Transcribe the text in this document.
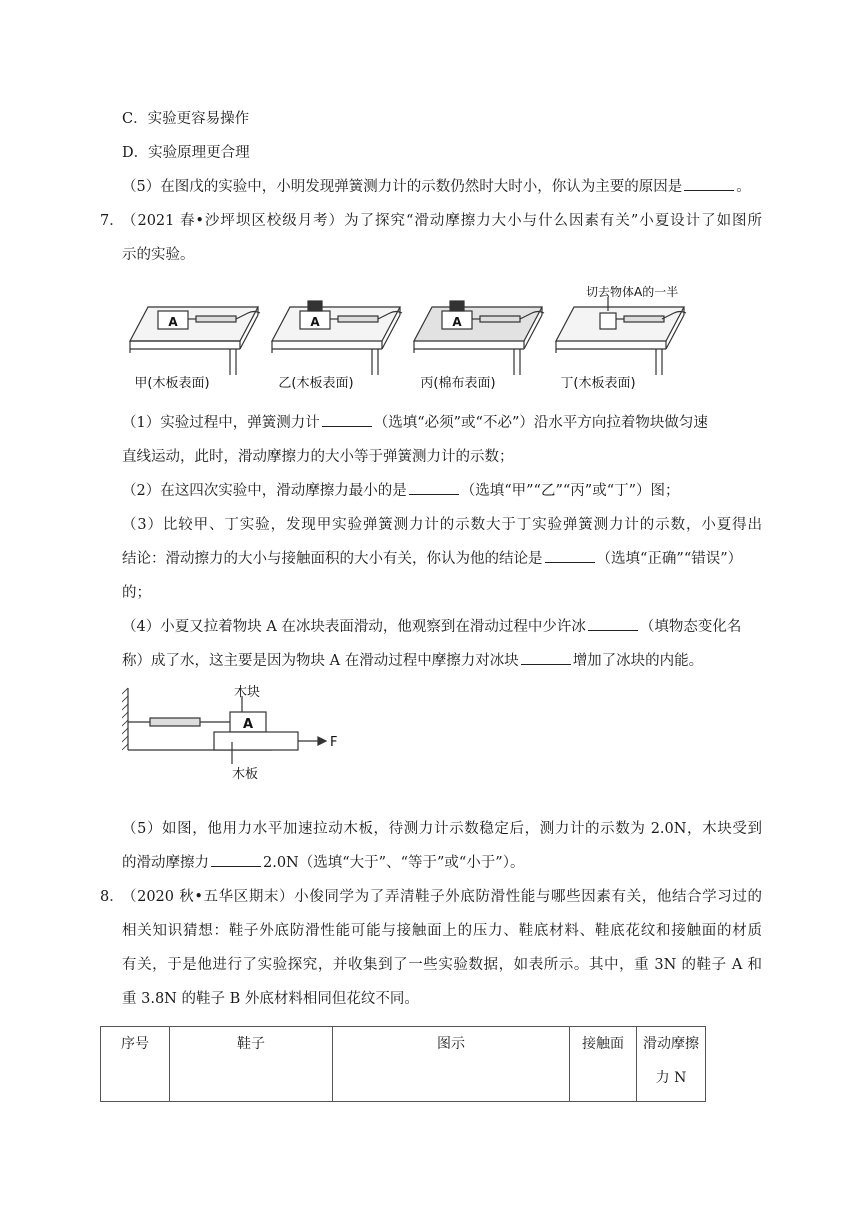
C．实验更容易操作
D．实验原理更合理
（5）在图戊的实验中，小明发现弹簧测力计的示数仍然时大时小，你认为主要的原因是	。
7．
（2021 春•沙坪坝区校级月考）为了探究“滑动摩擦力大小与什么因素有关”小夏设计了如图所
示的实验。
A	A	A
切去物体A的一半
甲(木板表面)	乙(木板表面)	丙(棉布表面)	丁(木板表面)
（1）实验过程中，弹簧测力计	（选填“必须”或“不必”）沿水平方向拉着物块做匀速
直线运动，此时，滑动摩擦力的大小等于弹簧测力计的示数；
（2）在这四次实验中，滑动摩擦力最小的是	（选填“甲”“乙”“丙”或“丁”）图；
（3）比较甲、丁实验，发现甲实验弹簧测力计的示数大于丁实验弹簧测力计的示数，小夏得出
结论：滑动擦力的大小与接触面积的大小有关，你认为他的结论是	（选填“正确”“错误”）
的；
（4）小夏又拉着物块 A 在冰块表面滑动，他观察到在滑动过程中少许冰	（填物态变化名
称）成了水，这主要是因为物块 A 在滑动过程中摩擦力对冰块	增加了冰块的内能。
A
木块
木板
F
（5）如图，他用力水平加速拉动木板，待测力计示数稳定后，测力计的示数为 2.0N，木块受到
的滑动摩擦力	2.0N（选填“大于”、“等于”或“小于”）。
8．
（2020 秋•五华区期末）小俊同学为了弄清鞋子外底防滑性能与哪些因素有关，他结合学习过的
相关知识猜想：鞋子外底防滑性能可能与接触面上的压力、鞋底材料、鞋底花纹和接触面的材质
有关，于是他进行了实验探究，并收集到了一些实验数据，如表所示。其中，重 3N 的鞋子 A 和
重 3.8N 的鞋子 B 外底材料相同但花纹不同。
序号	鞋子	图示	接触面	滑动摩擦力 N
